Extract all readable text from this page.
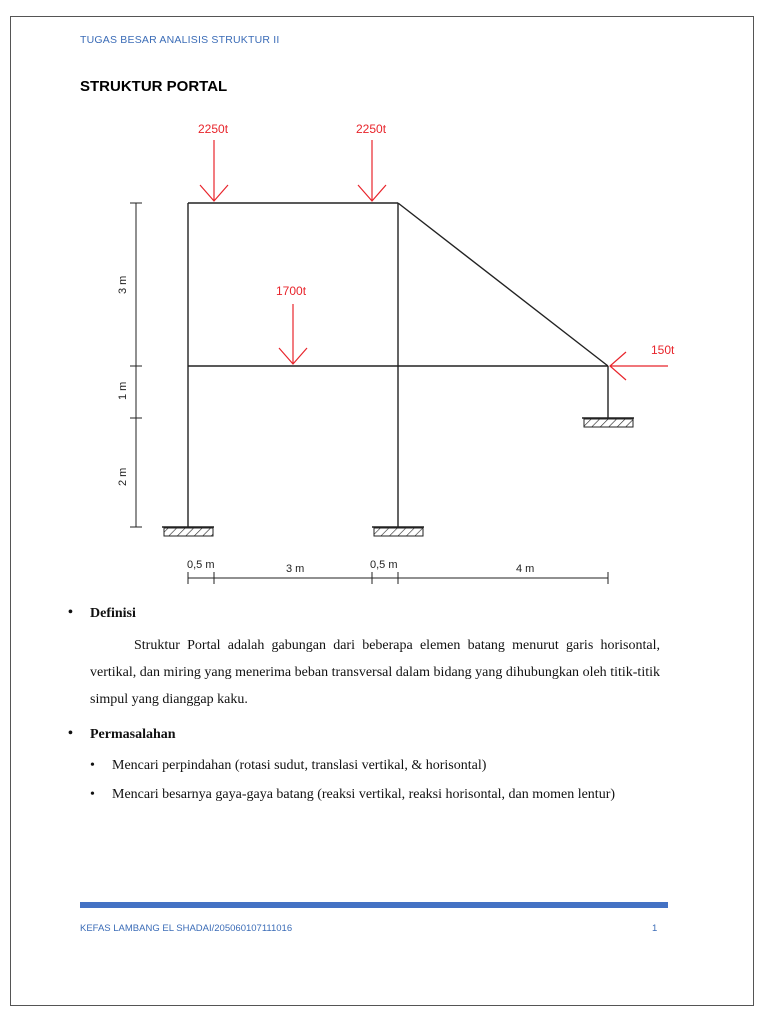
TUGAS BESAR ANALISIS STRUKTUR II
STRUKTUR PORTAL
2250t	2250t
1700t
150t
3 m
1 m
2 m
0,5 m	3 m	0,5 m	4 m
• Definisi
Struktur Portal adalah gabungan dari beberapa elemen batang menurut garis horisontal, vertikal, dan miring yang menerima beban transversal dalam bidang yang dihubungkan oleh titik-titik simpul yang dianggap kaku.
• Permasalahan
• Mencari perpindahan (rotasi sudut, translasi vertikal, & horisontal)
• Mencari besarnya gaya-gaya batang (reaksi vertikal, reaksi horisontal, dan momen lentur)
KEFAS LAMBANG EL SHADAI/205060107111016	1
